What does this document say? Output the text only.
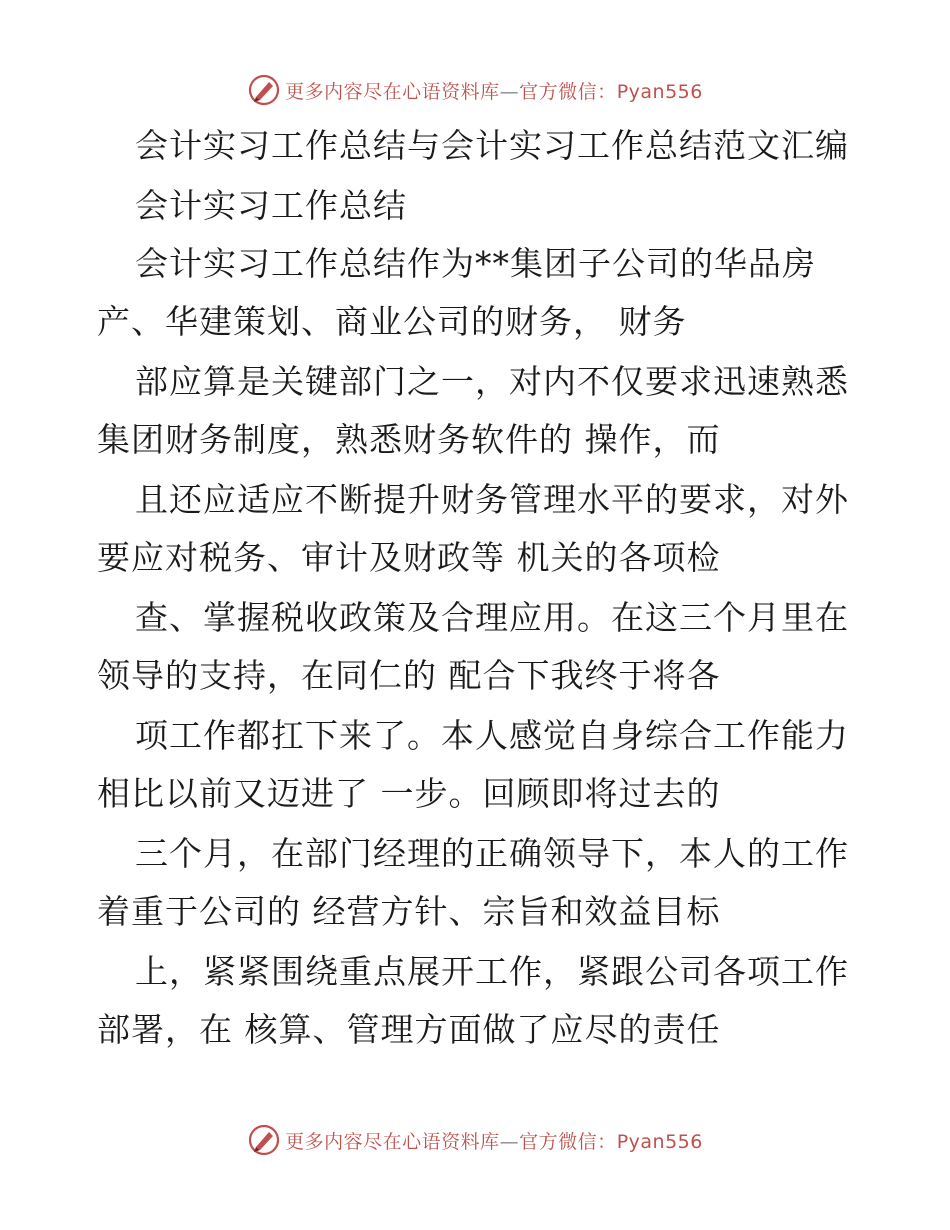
更多内容尽在心语资料库—官方微信：Pyan556
会计实习工作总结与会计实习工作总结范文汇编
会计实习工作总结
会计实习工作总结作为**集团子公司的华品房
产、华建策划、商业公司的财务， 财务
部应算是关键部门之一，对内不仅要求迅速熟悉
集团财务制度，熟悉财务软件的 操作，而
且还应适应不断提升财务管理水平的要求，对外
要应对税务、审计及财政等 机关的各项检
查、掌握税收政策及合理应用。在这三个月里在
领导的支持，在同仁的 配合下我终于将各
项工作都扛下来了。本人感觉自身综合工作能力
相比以前又迈进了 一步。回顾即将过去的
三个月，在部门经理的正确领导下，本人的工作
着重于公司的 经营方针、宗旨和效益目标
上，紧紧围绕重点展开工作，紧跟公司各项工作
部署，在 核算、管理方面做了应尽的责任
更多内容尽在心语资料库—官方微信：Pyan556
